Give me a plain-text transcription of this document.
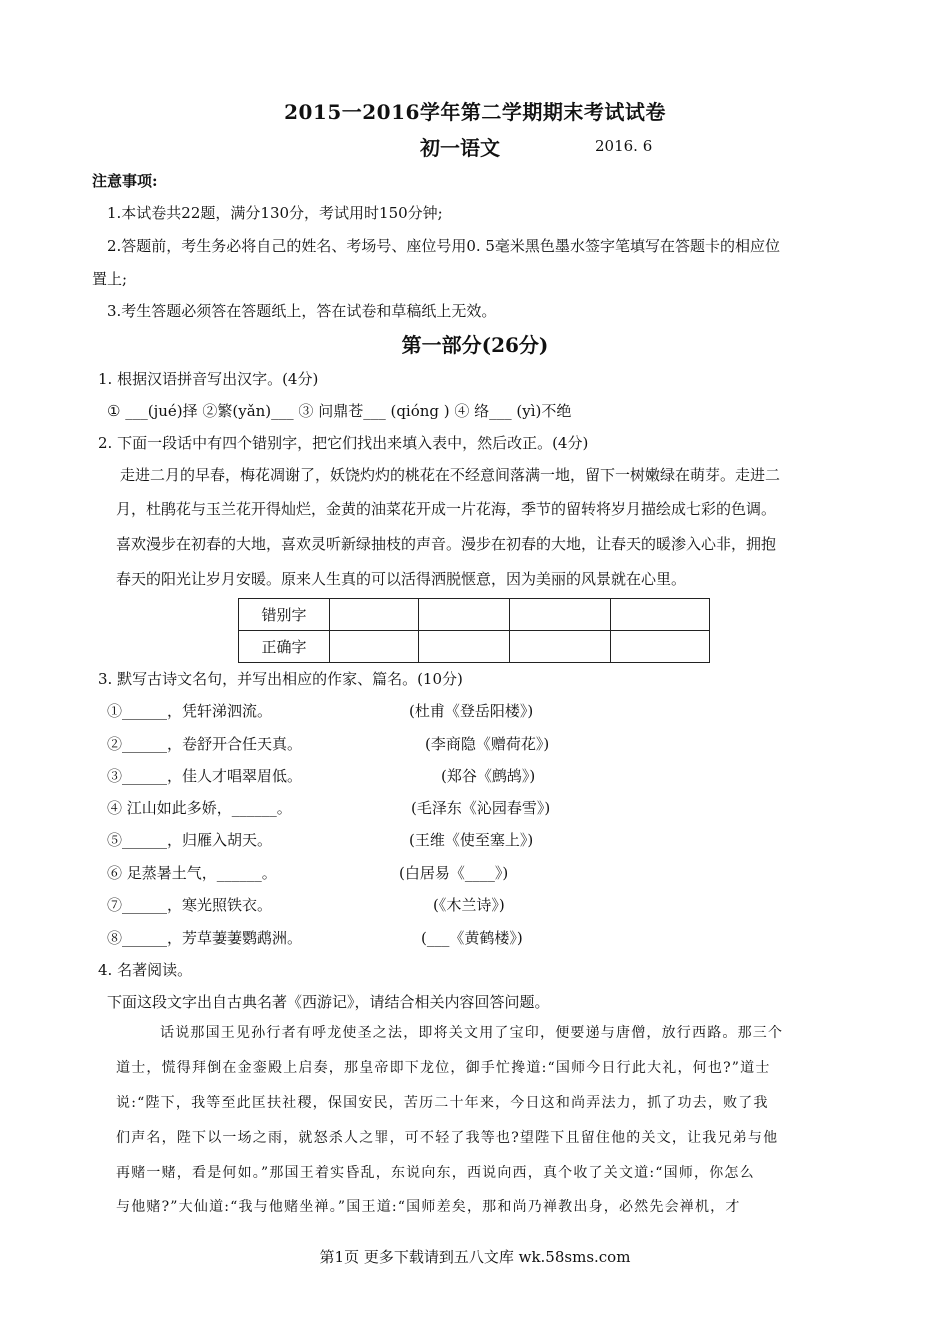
2015一2016学年第二学期期末考试试卷
初一语文	2016. 6
注意事项:
1.本试卷共22题，满分130分，考试用时150分钟;
2.答题前，考生务必将自己的姓名、考场号、座位号用0. 5毫米黑色墨水签字笔填写在答题卡的相应位
置上;
3.考生答题必须答在答题纸上，答在试卷和草稿纸上无效。
第一部分(26分)
1. 根据汉语拼音写出汉字。(4分)
① ___(jué)择 ②繁(yǎn)___ ③ 问鼎苍___ (qióng ) ④ 络___ (yì)不绝
2. 下面一段话中有四个错别字，把它们找出来填入表中，然后改正。(4分)
走进二月的早春，梅花凋谢了，妖饶灼灼的桃花在不经意间落满一地，留下一树嫩绿在萌芽。走进二
月，杜鹃花与玉兰花开得灿烂，金黄的油菜花开成一片花海，季节的留转将岁月描绘成七彩的色调。
喜欢漫步在初春的大地，喜欢灵听新绿抽枝的声音。漫步在初春的大地，让春天的暖渗入心非，拥抱
春天的阳光让岁月安暖。原来人生真的可以活得洒脱惬意，因为美丽的风景就在心里。
错别字				
正确字				
3. 默写古诗文名句，并写出相应的作家、篇名。(10分)
①______，凭轩涕泗流。	(杜甫《登岳阳楼》)
②______，卷舒开合任天真。	(李商隐《赠荷花》)
③______，佳人才唱翠眉低。	(郑谷《鹧鸪》)
④ 江山如此多娇，______。	(毛泽东《沁园春雪》)
⑤______，归雁入胡天。	(王维《使至塞上》)
⑥ 足蒸暑土气，______。	(白居易《____》)
⑦______，寒光照铁衣。	(《木兰诗》)
⑧______，芳草萋萋鹦鹉洲。	(___《黄鹤楼》)
4. 名著阅读。
下面这段文字出自古典名著《西游记》，请结合相关内容回答问题。
话说那国王见孙行者有呼龙使圣之法，即将关文用了宝印，便要递与唐僧，放行西路。那三个
道士，慌得拜倒在金銮殿上启奏，那皇帝即下龙位，御手忙搀道:“国师今日行此大礼，何也?”道士
说:“陛下，我等至此匡扶社稷，保国安民，苦历二十年来，今日这和尚弄法力，抓了功去，败了我
们声名，陛下以一场之雨，就怒杀人之罪，可不轻了我等也?望陛下且留住他的关文，让我兄弟与他
再赌一赌，看是何如。”那国王着实昏乱，东说向东，西说向西，真个收了关文道:“国师，你怎么
与他赌?”大仙道:“我与他赌坐禅。”国王道:“国师差矣，那和尚乃禅教出身，必然先会禅机，才
第1页 更多下载请到五八文库 wk.58sms.com
